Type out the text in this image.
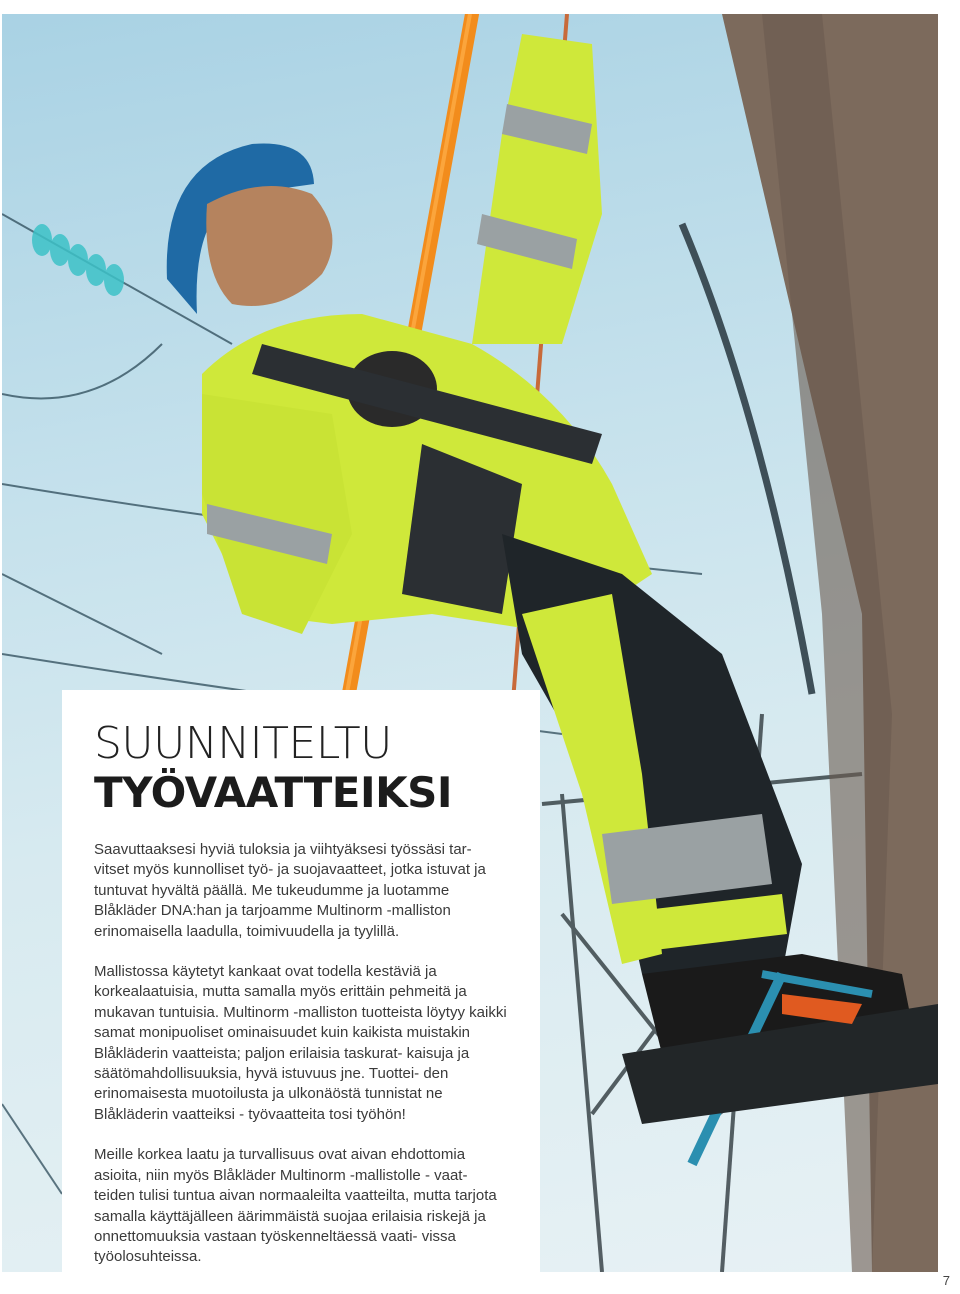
SUUNNITELTU
TYÖVAATTEIKSI

Saavuttaaksesi hyviä tuloksia ja viihtyäksesi työssäsi tar- vitset myös kunnolliset työ- ja suojavaatteet, jotka istuvat ja tuntuvat hyvältä päällä. Me tukeudumme ja luotamme Blåkläder DNA:han ja tarjoamme Multinorm -malliston erinomaisella laadulla, toimivuudella ja tyylillä.

Mallistossa käytetyt kankaat ovat todella kestäviä ja korkealaatuisia, mutta samalla myös erittäin pehmeitä ja mukavan tuntuisia. Multinorm -malliston tuotteista löytyy kaikki samat monipuoliset ominaisuudet kuin kaikista muistakin Blåkläderin vaatteista; paljon erilaisia taskurat- kaisuja ja säätömahdollisuuksia, hyvä istuvuus jne. Tuottei- den erinomaisesta muotoilusta ja ulkonäöstä tunnistat ne Blåkläderin vaatteiksi - työvaatteita tosi työhön!

Meille korkea laatu ja turvallisuus ovat aivan ehdottomia asioita, niin myös Blåkläder Multinorm -mallistolle - vaat- teiden tulisi tuntua aivan normaaleilta vaatteilta, mutta tarjota samalla käyttäjälleen äärimmäistä suojaa erilaisia riskejä ja onnettomuuksia vastaan työskenneltäessä vaati- vissa työolosuhteissa.

7
